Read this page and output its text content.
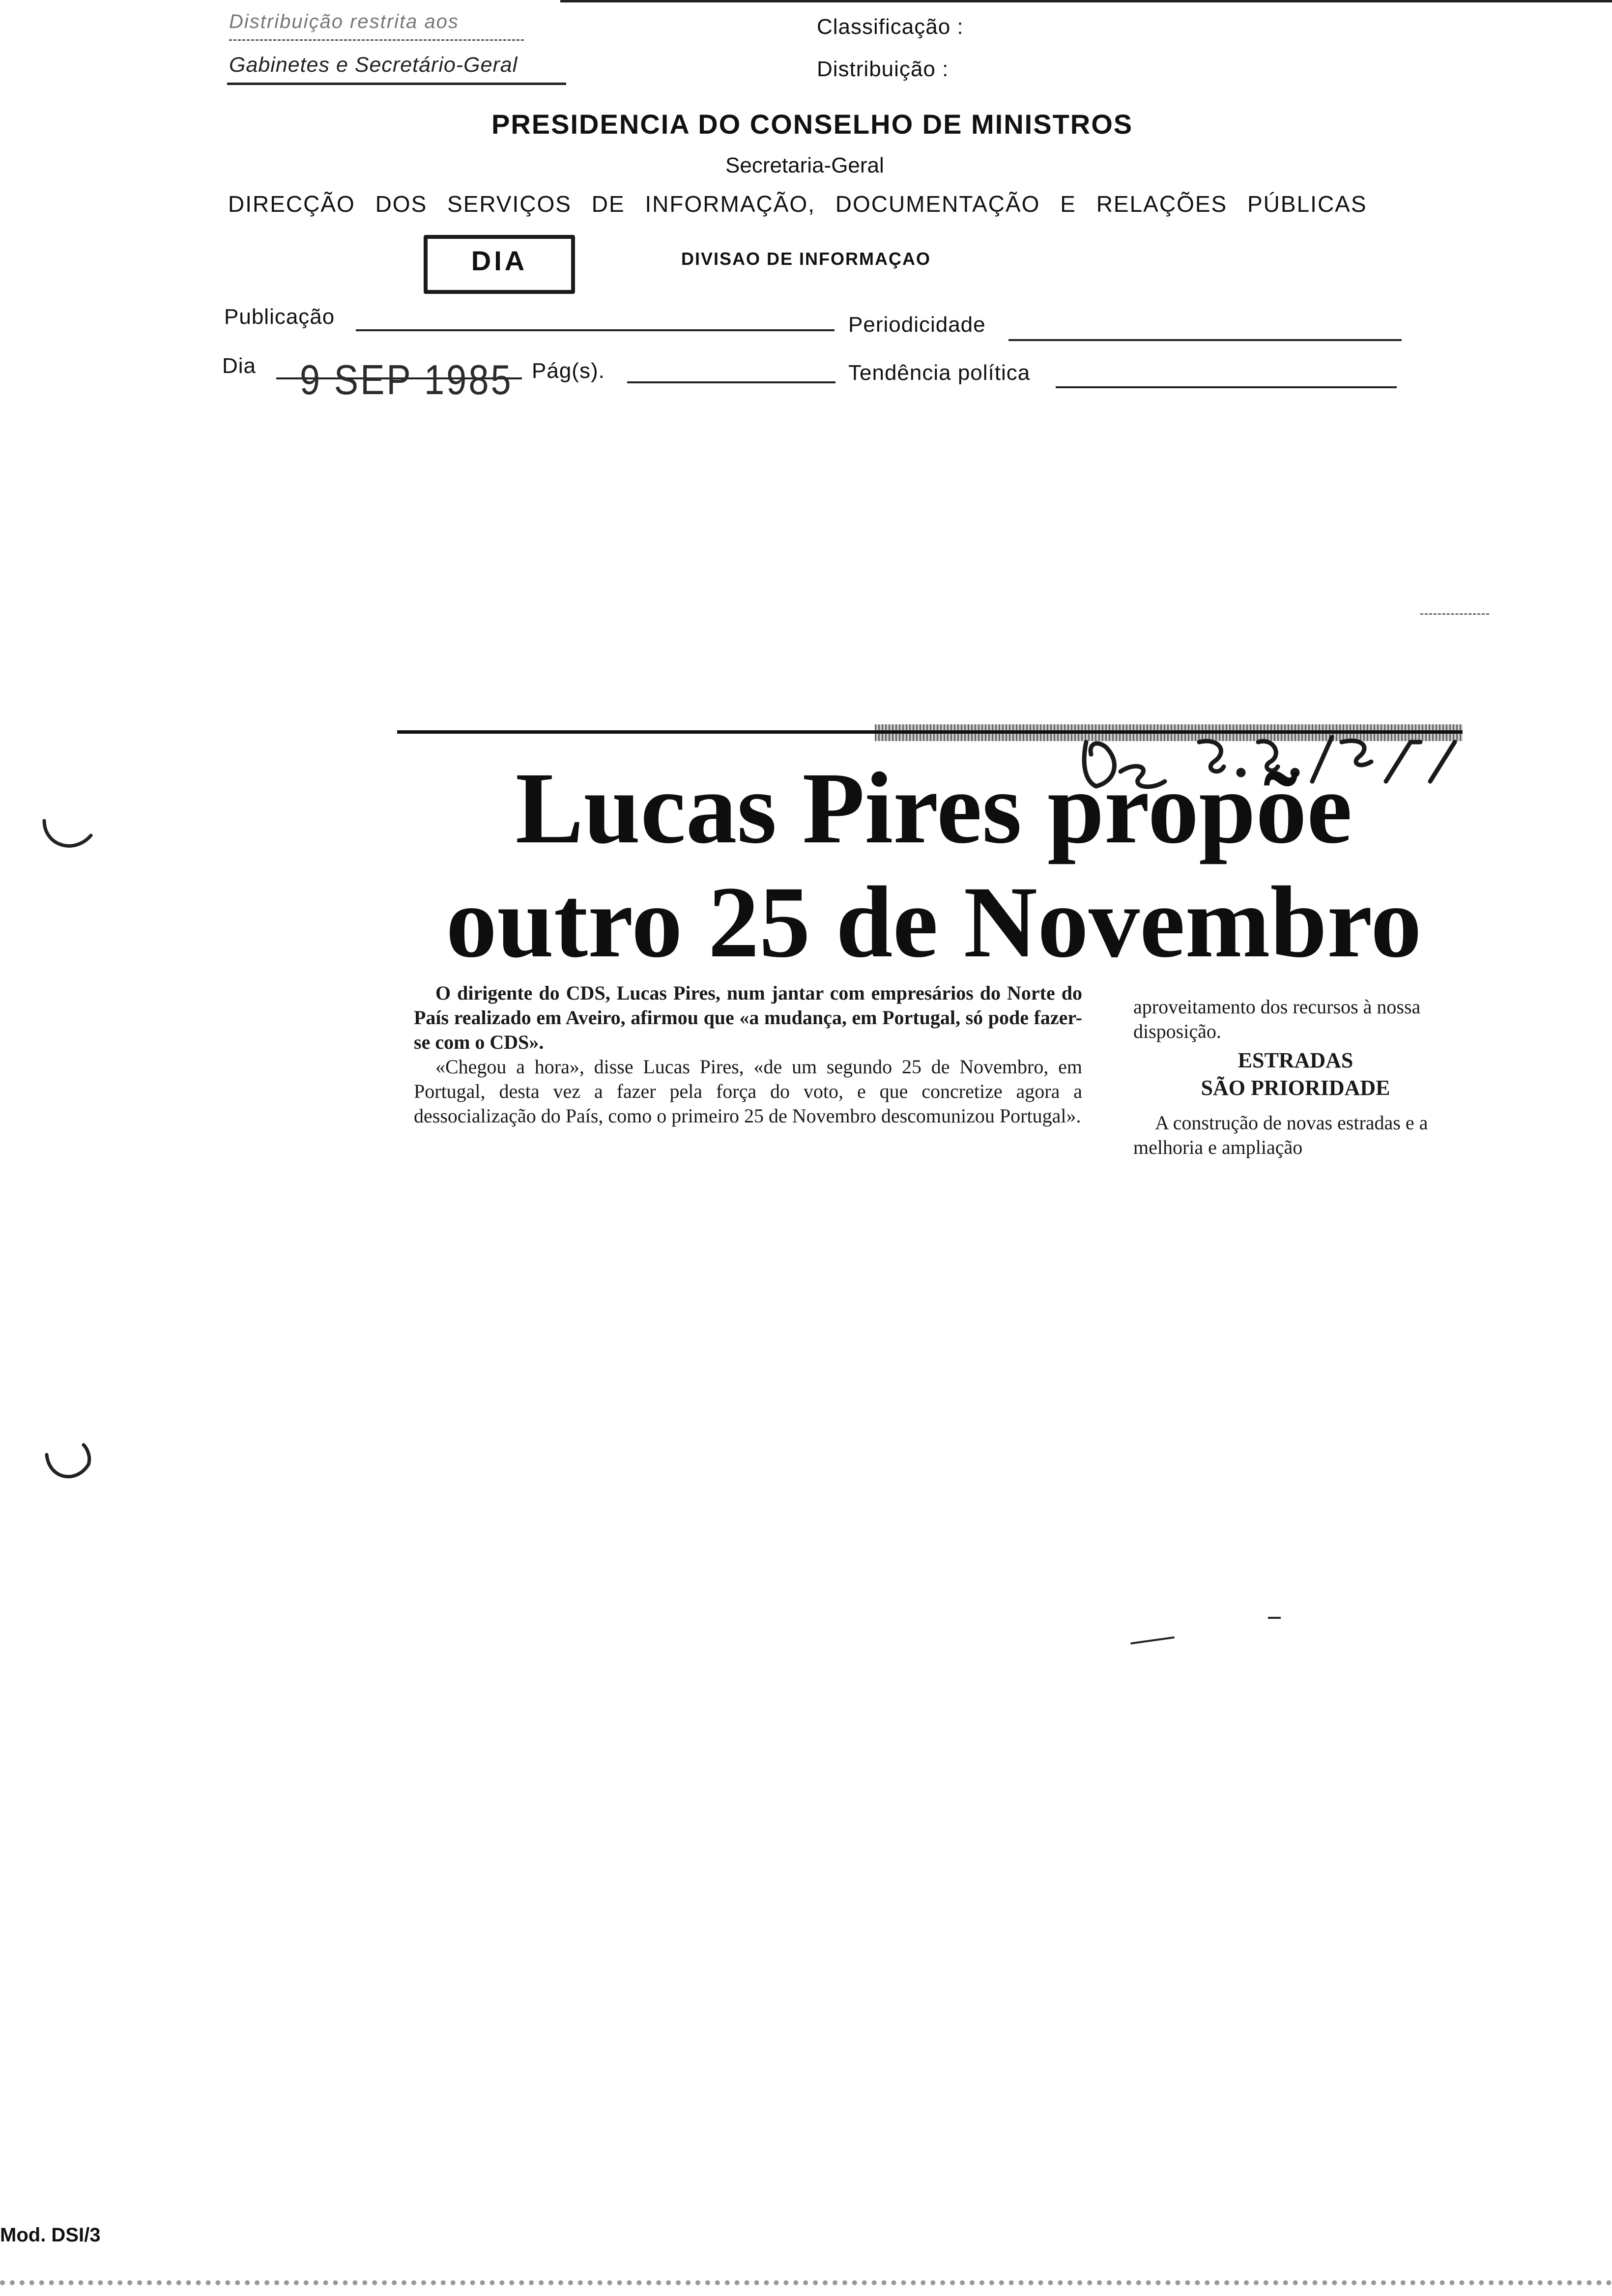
Distribuição restrita aos
Gabinetes e Secretário-Geral
Classificação :
Distribuição :
PRESIDENCIA DO CONSELHO DE MINISTROS
Secretaria-Geral
DIRECÇÃO DOS SERVIÇOS DE INFORMAÇÃO, DOCUMENTAÇÃO E RELAÇÕES PÚBLICAS
DIA	DIVISAO DE INFORMAÇAO
Publicação	Periodicidade
Dia 9 SEP 1985 Pág(s).	Tendência política
Lucas Pires propõe
outro 25 de Novembro

O dirigente do CDS, Lucas Pires, num jantar com empresários do Norte do País realizado em Aveiro, afirmou que «a mudança, em Portugal, só pode fazer-se com o CDS».

«Chegou a hora», disse Lucas Pires, «de um segundo 25 de Novembro, em Portugal, desta vez a fazer pela força do voto, e que concretize agora a dessocialização do País, como o primeiro 25 de Novembro descomunizou Portugal».

aproveitamento dos recursos à nossa disposição.

ESTRADAS

SÃO PRIORIDADE

A construção de novas estradas e a melhoria e ampliação

Mod. DSI/3
